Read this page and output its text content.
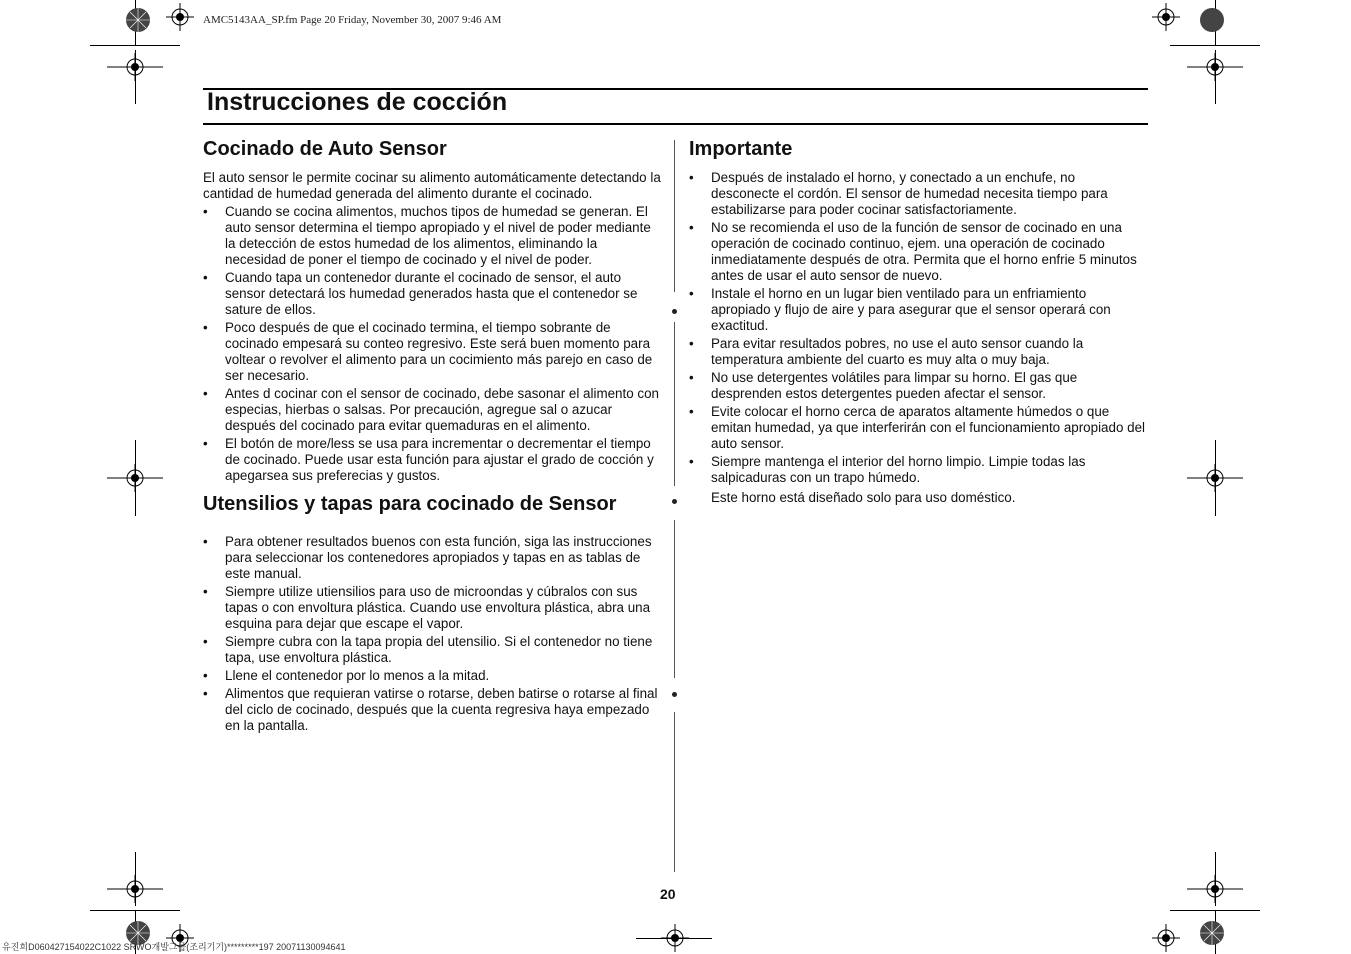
AMC5143AA_SP.fm Page 20 Friday, November 30, 2007 9:46 AM
Instrucciones de cocción
Cocinado de Auto Sensor

El auto sensor le permite cocinar su alimento automáticamente detectando la cantidad de humedad generada del alimento durante el cocinado.

• Cuando se cocina alimentos, muchos tipos de humedad se generan. El auto sensor determina el tiempo apropiado y el nivel de poder mediante la detección de estos humedad de los alimentos, eliminando la necesidad de poner el tiempo de cocinado y el nivel de poder.
• Cuando tapa un contenedor durante el cocinado de sensor, el auto sensor detectará los humedad generados hasta que el contenedor se sature de ellos.
• Poco después de que el cocinado termina, el tiempo sobrante de cocinado empesará su conteo regresivo. Este será buen momento para voltear o revolver el alimento para un cocimiento más parejo en caso de ser necesario.
• Antes d cocinar con el sensor de cocinado, debe sasonar el alimento con especias, hierbas o salsas. Por precaución, agregue sal o azucar después del cocinado para evitar quemaduras en el alimento.
• El botón de more/less se usa para incrementar o decrementar el tiempo de cocinado. Puede usar esta función para ajustar el grado de cocción y apegarsea sus preferecias y gustos.
Utensilios y tapas para cocinado de Sensor
• Para obtener resultados buenos con esta función, siga las instrucciones para seleccionar los contenedores apropiados y tapas en as tablas de este manual.
• Siempre utilize utiensilios para uso de microondas y cúbralos con sus tapas o con envoltura plástica. Cuando use envoltura plástica, abra una esquina para dejar que escape el vapor.
• Siempre cubra con la tapa propia del utensilio. Si el contenedor no tiene tapa, use envoltura plástica.
• Llene el contenedor por lo menos a la mitad.
• Alimentos que requieran vatirse o rotarse, deben batirse o rotarse al final del ciclo de cocinado, después que la cuenta regresiva haya empezado en la pantalla.
Importante
• Después de instalado el horno, y conectado a un enchufe, no desconecte el cordón. El sensor de humedad necesita tiempo para estabilizarse para poder cocinar satisfactoriamente.
• No se recomienda el uso de la función de sensor de cocinado en una operación de cocinado continuo, ejem. una operación de cocinado inmediatamente después de otra. Permita que el horno enfrie 5 minutos antes de usar el auto sensor de nuevo.
• Instale el horno en un lugar bien ventilado para un enfriamiento apropiado y flujo de aire y para asegurar que el sensor operará con exactitud.
• Para evitar resultados pobres, no use el auto sensor cuando la temperatura ambiente del cuarto es muy alta o muy baja.
• No use detergentes volátiles para limpar su horno. El gas que desprenden estos detergentes pueden afectar el sensor.
• Evite colocar el horno cerca de aparatos altamente húmedos o que emitan humedad, ya que interferirán con el funcionamiento apropiado del auto sensor.
• Siempre mantenga el interior del horno limpio. Limpie todas las salpicaduras con un trapo húmedo.

Este horno está diseñado solo para uso doméstico.

20
유진희D060427154022C1022 SRWO개발그룹(조리기기)*********197 20071130094641
